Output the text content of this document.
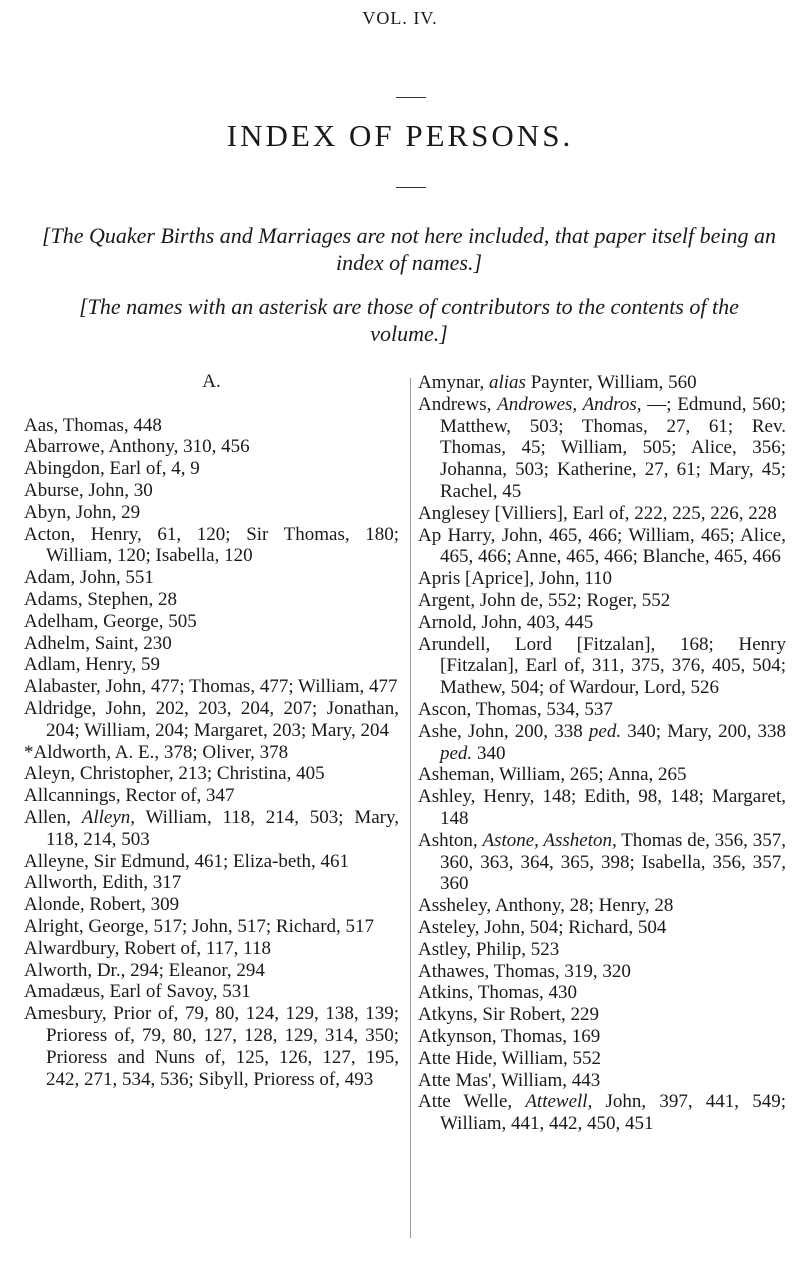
VOL. IV.
INDEX OF PERSONS.
[The Quaker Births and Marriages are not here included, that paper itself being an index of names.]
[The names with an asterisk are those of contributors to the contents of the volume.]
A.
Aas, Thomas, 448
Abarrowe, Anthony, 310, 456
Abingdon, Earl of, 4, 9
Aburse, John, 30
Abyn, John, 29
Acton, Henry, 61, 120; Sir Thomas, 180; William, 120; Isabella, 120
Adam, John, 551
Adams, Stephen, 28
Adelham, George, 505
Adhelm, Saint, 230
Adlam, Henry, 59
Alabaster, John, 477; Thomas, 477; William, 477
Aldridge, John, 202, 203, 204, 207; Jonathan, 204; William, 204; Margaret, 203; Mary, 204
*Aldworth, A. E., 378; Oliver, 378
Aleyn, Christopher, 213; Christina, 405
Allcannings, Rector of, 347
Allen, Alleyn, William, 118, 214, 503; Mary, 118, 214, 503
Alleyne, Sir Edmund, 461; Eliza-beth, 461
Allworth, Edith, 317
Alonde, Robert, 309
Alright, George, 517; John, 517; Richard, 517
Alwardbury, Robert of, 117, 118
Alworth, Dr., 294; Eleanor, 294
Amadæus, Earl of Savoy, 531
Amesbury, Prior of, 79, 80, 124, 129, 138, 139; Prioress of, 79, 80, 127, 128, 129, 314, 350; Prioress and Nuns of, 125, 126, 127, 195, 242, 271, 534, 536; Sibyll, Prioress of, 493
Amynar, alias Paynter, William, 560
Andrews, Androwes, Andros, —; Edmund, 560; Matthew, 503; Thomas, 27, 61; Rev. Thomas, 45; William, 505; Alice, 356; Johanna, 503; Katherine, 27, 61; Mary, 45; Rachel, 45
Anglesey [Villiers], Earl of, 222, 225, 226, 228
Ap Harry, John, 465, 466; William, 465; Alice, 465, 466; Anne, 465, 466; Blanche, 465, 466
Apris [Aprice], John, 110
Argent, John de, 552; Roger, 552
Arnold, John, 403, 445
Arundell, Lord [Fitzalan], 168; Henry [Fitzalan], Earl of, 311, 375, 376, 405, 504; Mathew, 504; of Wardour, Lord, 526
Ascon, Thomas, 534, 537
Ashe, John, 200, 338 ped. 340; Mary, 200, 338 ped. 340
Asheman, William, 265; Anna, 265
Ashley, Henry, 148; Edith, 98, 148; Margaret, 148
Ashton, Astone, Assheton, Thomas de, 356, 357, 360, 363, 364, 365, 398; Isabella, 356, 357, 360
Assheley, Anthony, 28; Henry, 28
Asteley, John, 504; Richard, 504
Astley, Philip, 523
Athawes, Thomas, 319, 320
Atkins, Thomas, 430
Atkyns, Sir Robert, 229
Atkynson, Thomas, 169
Atte Hide, William, 552
Atte Mas', William, 443
Atte Welle, Attewell, John, 397, 441, 549; William, 441, 442, 450, 451
